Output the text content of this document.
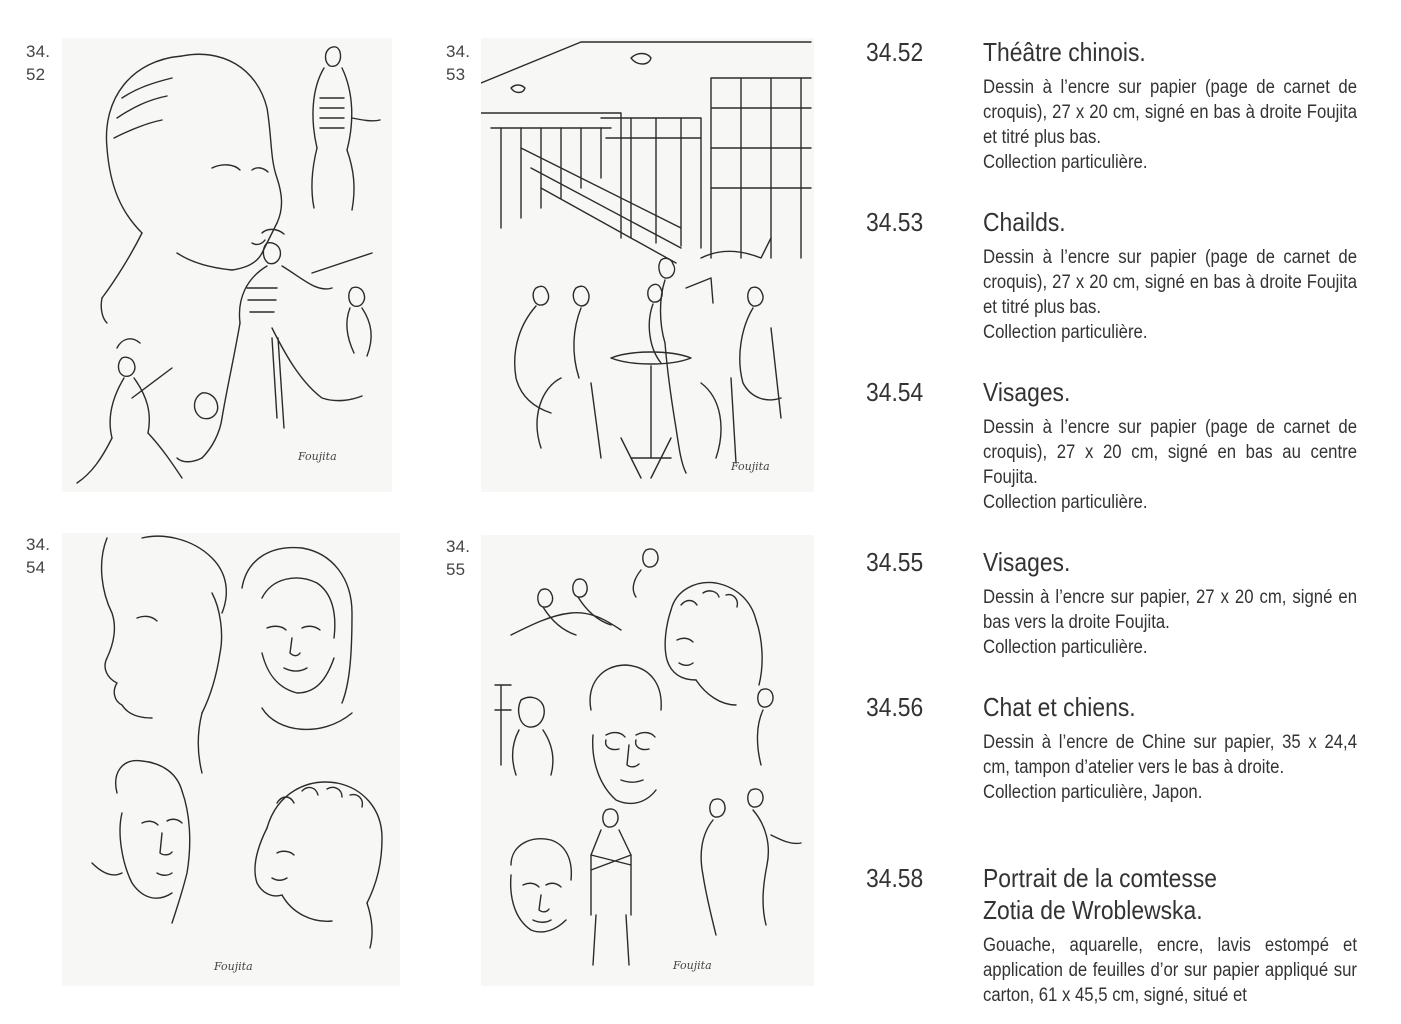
34.
52
34.
53
34.
54
34.
55
Foujita
Foujita
Foujita	Foujita
34.52 Théâtre chinois.
Dessin à l’encre sur papier (page de carnet de croquis), 27 x 20 cm, signé en bas à droite Foujita et titré plus bas.
Collection particulière.
34.53 Chailds.
Dessin à l’encre sur papier (page de carnet de croquis), 27 x 20 cm, signé en bas à droite Foujita et titré plus bas.
Collection particulière.
34.54 Visages.
Dessin à l’encre sur papier (page de carnet de croquis), 27 x 20 cm, signé en bas au centre Foujita.
Collection particulière.
34.55 Visages.
Dessin à l’encre sur papier, 27 x 20 cm, signé en bas vers la droite Foujita.
Collection particulière.
34.56 Chat et chiens.
Dessin à l’encre de Chine sur papier, 35 x 24,4 cm, tampon d’atelier vers le bas à droite.
Collection particulière, Japon.
34.58 Portrait de la comtesse
Zotia de Wroblewska.
Gouache, aquarelle, encre, lavis estompé et application de feuilles d’or sur papier appliqué sur carton, 61 x 45,5 cm, signé, situé et
